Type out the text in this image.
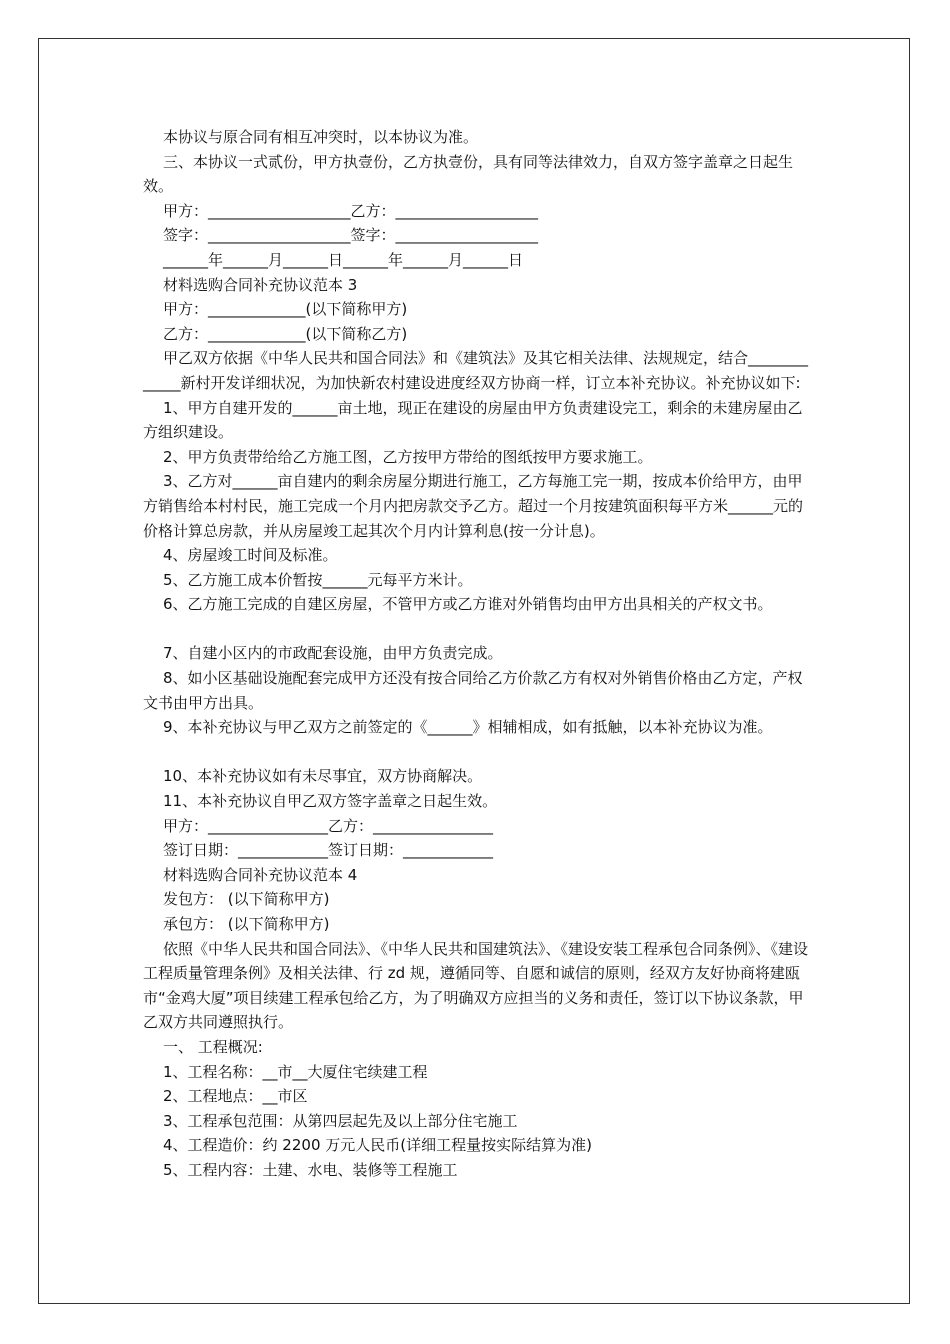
本协议与原合同有相互冲突时，以本协议为准。

三、本协议一式贰份，甲方执壹份，乙方执壹份，具有同等法律效力，自双方签字盖章之日起生效。

甲方：___________________乙方：___________________

签字：___________________签字：___________________

______年______月______日______年______月______日

材料选购合同补充协议范本 3

甲方：_____________(以下简称甲方)

乙方：_____________(以下简称乙方)

甲乙双方依据《中华人民共和国合同法》和《建筑法》及其它相关法律、法规规定，结合_____________新村开发详细状况，为加快新农村建设进度经双方协商一样，订立本补充协议。补充协议如下:

1、甲方自建开发的______亩土地，现正在建设的房屋由甲方负责建设完工，剩余的未建房屋由乙方组织建设。

2、甲方负责带给给乙方施工图，乙方按甲方带给的图纸按甲方要求施工。

3、乙方对______亩自建内的剩余房屋分期进行施工，乙方每施工完一期，按成本价给甲方，由甲方销售给本村村民，施工完成一个月内把房款交予乙方。超过一个月按建筑面积每平方米______元的价格计算总房款，并从房屋竣工起其次个月内计算利息(按一分计息)。

4、房屋竣工时间及标准。

5、乙方施工成本价暂按______元每平方米计。

6、乙方施工完成的自建区房屋，不管甲方或乙方谁对外销售均由甲方出具相关的产权文书。

7、自建小区内的市政配套设施，由甲方负责完成。

8、如小区基础设施配套完成甲方还没有按合同给乙方价款乙方有权对外销售价格由乙方定，产权文书由甲方出具。

9、本补充协议与甲乙双方之前签定的《______》相辅相成，如有抵触，以本补充协议为准。

10、本补充协议如有未尽事宜，双方协商解决。

11、本补充协议自甲乙双方签字盖章之日起生效。

甲方：________________乙方：________________

签订日期：____________签订日期：____________

材料选购合同补充协议范本 4

发包方： (以下简称甲方)

承包方： (以下简称甲方)

依照《中华人民共和国合同法》、《中华人民共和国建筑法》、《建设安装工程承包合同条例》、《建设工程质量管理条例》及相关法律、行 zd 规，遵循同等、自愿和诚信的原则，经双方友好协商将建瓯市“金鸡大厦”项目续建工程承包给乙方，为了明确双方应担当的义务和责任，签订以下协议条款，甲乙双方共同遵照执行。

一、 工程概况:

1、工程名称：__市__大厦住宅续建工程

2、工程地点：__市区

3、工程承包范围：从第四层起先及以上部分住宅施工

4、工程造价：约 2200 万元人民币(详细工程量按实际结算为准)

5、工程内容：土建、水电、装修等工程施工
